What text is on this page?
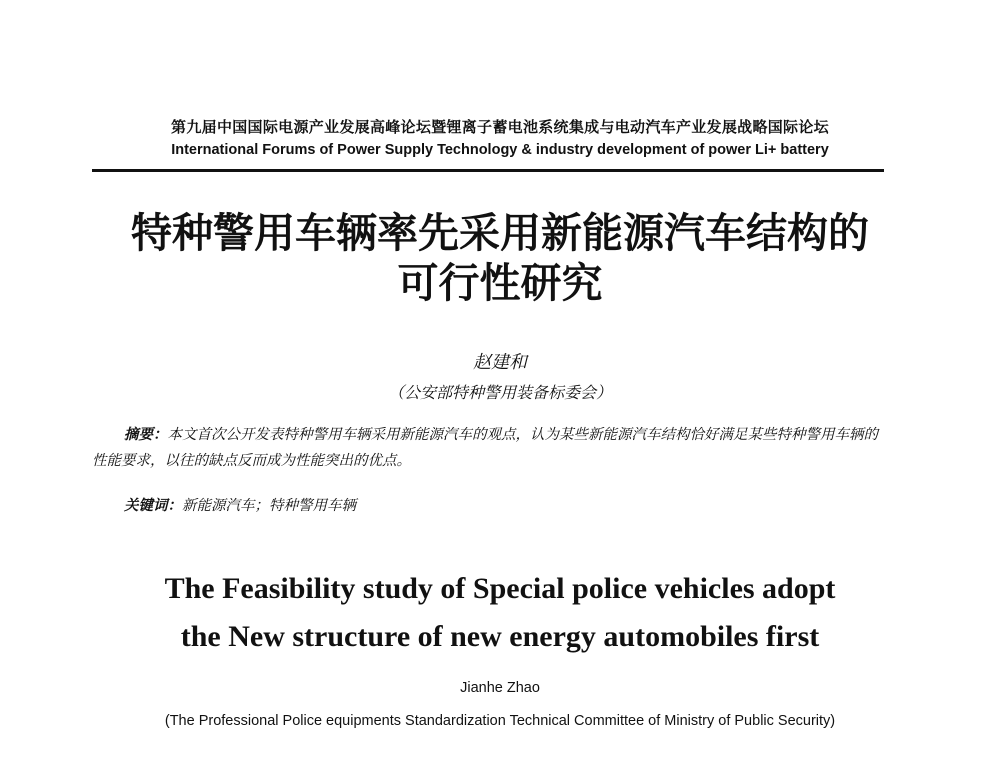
第九届中国国际电源产业发展高峰论坛暨锂离子蓄电池系统集成与电动汽车产业发展战略国际论坛
International Forums of Power Supply Technology & industry development of power Li+ battery
特种警用车辆率先采用新能源汽车结构的
可行性研究
赵建和
（公安部特种警用装备标委会）
摘要：本文首次公开发表特种警用车辆采用新能源汽车的观点，认为某些新能源汽车结构恰好满足某些特种警用车辆的性能要求，以往的缺点反而成为性能突出的优点。
关键词：新能源汽车；特种警用车辆
The Feasibility study of Special police vehicles adopt
the New structure of new energy automobiles first
Jianhe Zhao
(The Professional Police equipments Standardization Technical Committee of Ministry of Public Security)
